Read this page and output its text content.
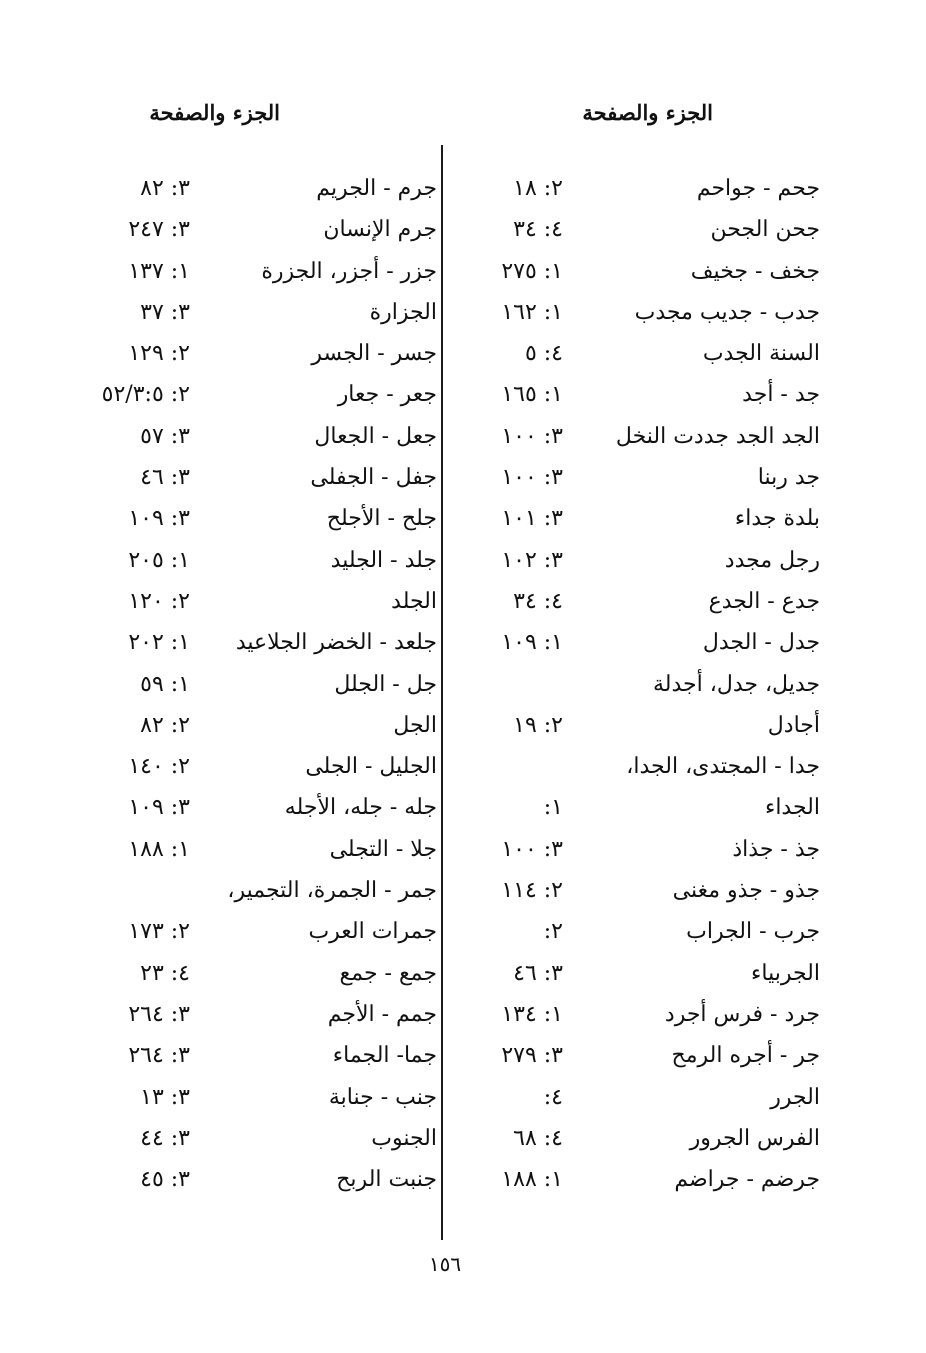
الجزء والصفحة
الجزء والصفحة
جحم - جواحم
٢: ١٨
جحن الجحن
٤: ٣٤
جخف - جخيف
١: ٢٧٥
جدب - جديب مجدب
١: ١٦٢
السنة الجدب
٤: ٥
جد - أجد
١: ١٦٥
الجد الجد جددت النخل
٣: ١٠٠
جد ربنا
٣: ١٠٠
بلدة جداء
٣: ١٠١
رجل مجدد
٣: ١٠٢
جدع - الجدع
٤: ٣٤
جدل - الجدل
١: ١٠٩
جديل، جدل، أجدلة
أجادل
٢: ١٩
جدا - المجتدى، الجدا،
الجداء
١:
جذ - جذاذ
٣: ١٠٠
جذو - جذو مغنى
٢: ١١٤
جرب - الجراب
٢:
الجربياء
٣: ٤٦
جرد - فرس أجرد
١: ١٣٤
جر - أجره الرمح
٣: ٢٧٩
الجرر
٤:
الفرس الجرور
٤: ٦٨
جرضم - جراضم
١: ١٨٨
جرم - الجريم
٣: ٨٢
جرم الإنسان
٣: ٢٤٧
جزر - أجزر، الجزرة
١: ١٣٧
الجزارة
٣: ٣٧
جسر - الجسر
٢: ١٢٩
جعر - جعار
٢: ٥٢/٣:٥
جعل - الجعال
٣: ٥٧
جفل - الجفلى
٣: ٤٦
جلح - الأجلح
٣: ١٠٩
جلد - الجليد
١: ٢٠٥
الجلد
٢: ١٢٠
جلعد - الخضر الجلاعيد
١: ٢٠٢
جل - الجلل
١: ٥٩
الجل
٢: ٨٢
الجليل - الجلى
٢: ١٤٠
جله - جله، الأجله
٣: ١٠٩
جلا - التجلى
١: ١٨٨
جمر - الجمرة، التجمير،
جمرات العرب
٢: ١٧٣
جمع - جمع
٤: ٢٣
جمم - الأجم
٣: ٢٦٤
جما- الجماء
٣: ٢٦٤
جنب - جنابة
٣: ١٣
الجنوب
٣: ٤٤
جنبت الربح
٣: ٤٥
١٥٦
